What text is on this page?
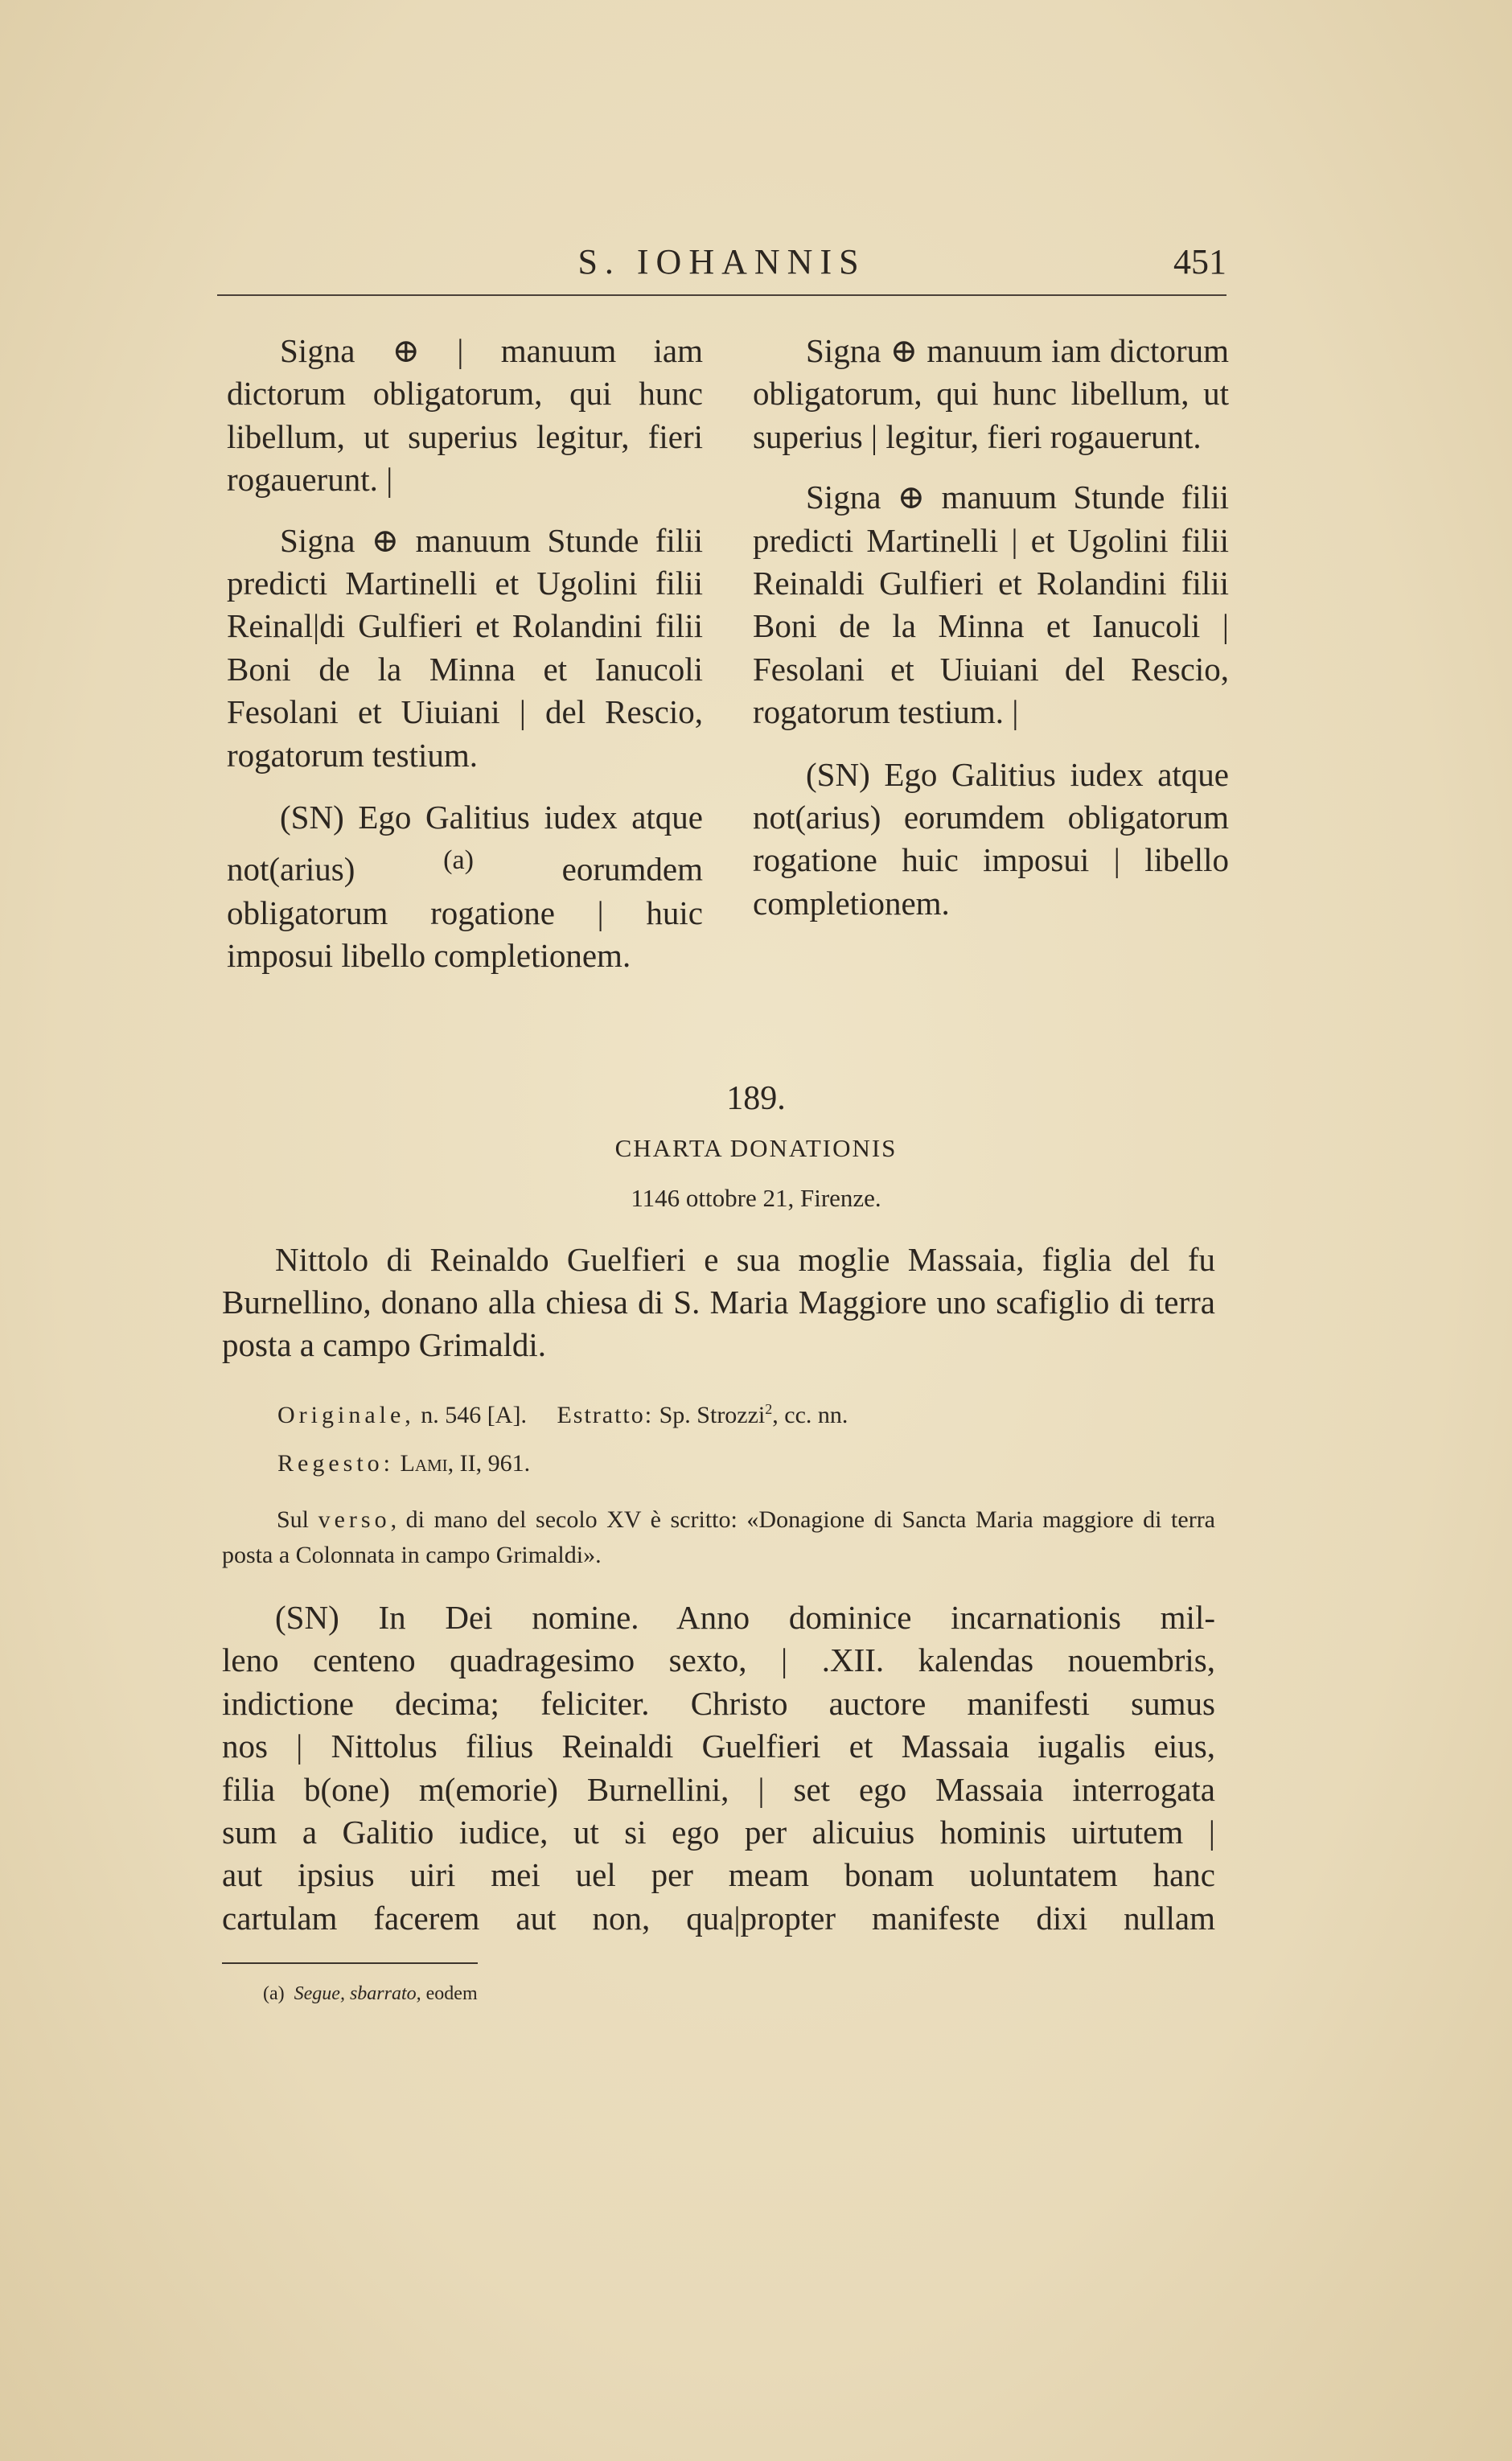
S. IOHANNIS	451

Signa ⊕ | manuum iam dictorum obligatorum, qui hunc libellum, ut superius legitur, fieri rogauerunt. |

Signa ⊕ manuum Stunde filii predicti Martinelli et Ugolini filii Reinal|di Gulfieri et Rolandini filii Boni de la Minna et Ianucoli Fesolani et Uiuiani | del Rescio, rogatorum testium.

(SN) Ego Galitius iudex atque not(arius)	$^{(a)}$	eorumdem obligatorum rogatione | huic imposui libello completionem.

Signa ⊕ manuum iam dictorum obligatorum, qui hunc libellum, ut superius | legitur, fieri rogauerunt.

Signa ⊕ manuum Stunde filii predicti Martinelli | et Ugolini filii Reinaldi Gulfieri et Rolandini filii Boni de la Minna et Ianucoli | Fesolani et Uiuiani del Rescio, rogatorum testium. |

(SN) Ego Galitius iudex atque not(arius) eorumdem obligatorum rogatione huic imposui | libello completionem.

189.
CHARTA DONATIONIS
1146 ottobre 21, Firenze.

Nittolo di Reinaldo Guelfieri e sua moglie Massaia, figlia del fu Burnellino, donano alla chiesa di S. Maria Maggiore uno scafiglio di terra posta a campo Grimaldi.

Originale, n. 546 [A]. Estratto: Sp. Strozzi$^2$, cc. nn.

Regesto: Lami, II, 961.

Sul verso, di mano del secolo XV è scritto: «Donagione di Sancta Maria maggiore di terra posta a Colonnata in campo Grimaldi».

(SN) In Dei nomine. Anno dominice incarnationis mil-

leno centeno quadragesimo sexto, | .XII. kalendas nouembris,

indictione decima; feliciter. Christo auctore manifesti sumus

nos | Nittolus filius Reinaldi Guelfieri et Massaia iugalis eius,

filia b(one) m(emorie) Burnellini, | set ego Massaia interrogata

sum a Galitio iudice, ut si ego per alicuius hominis uirtutem |

aut ipsius uiri mei uel per meam bonam uoluntatem hanc

cartulam facerem aut non, qua|propter manifeste dixi nullam

(a) Segue, sbarrato, eodem
